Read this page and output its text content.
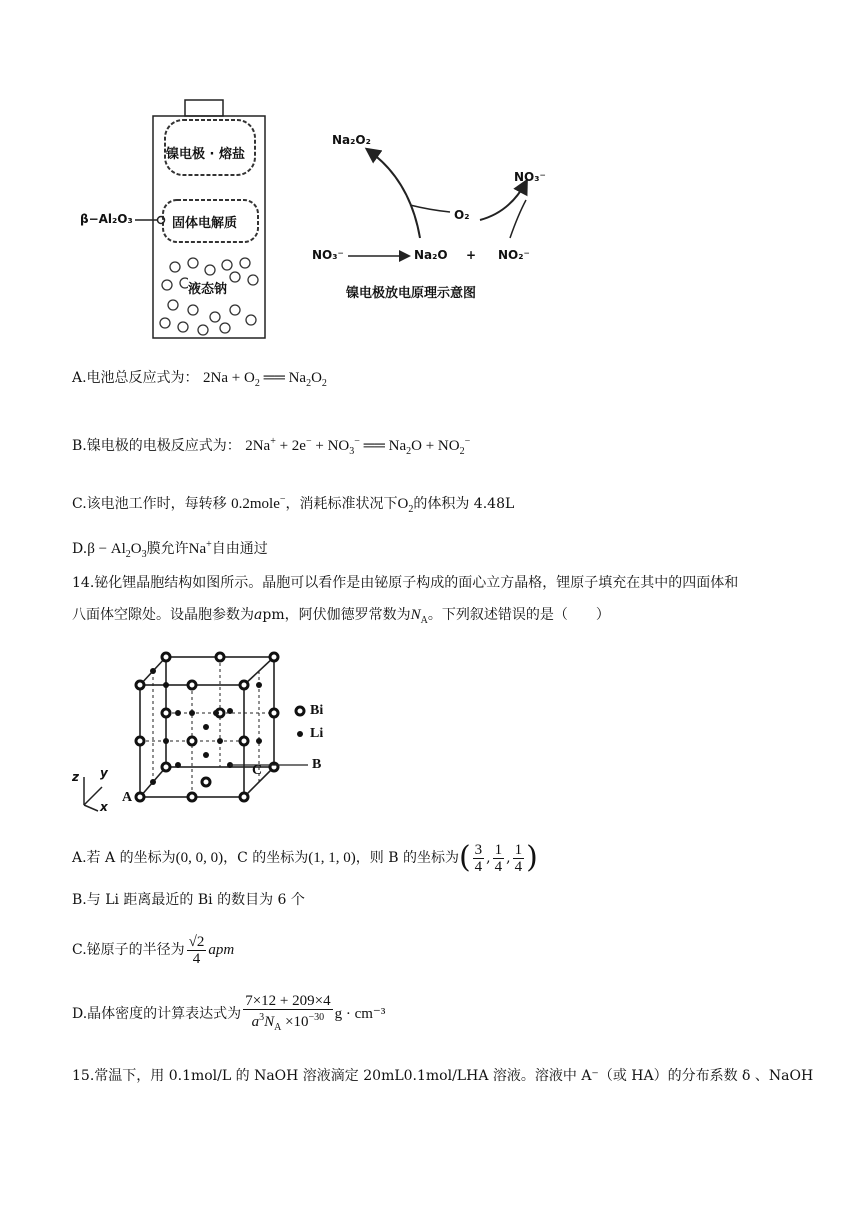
镍电极 · 熔盐
固体电解质
β−Al₂O₃
液态钠
Na₂O₂
NO₃⁻
O₂
NO₃⁻	Na₂O + NO₂⁻
镍电极放电原理示意图
A.电池总反应式为： $2Na + O_2$ ══ $Na_2O_2$
B.镍电极的电极反应式为： $2Na^+ + 2e^- + NO_3^-$ ══ $Na_2O + NO_2^-$
C.该电池工作时，每转移 0.2mole−，消耗标准状况下$O_2$的体积为 4.48L
$D.\beta - Al_2O_3$膜允许Na+自由通过
14.铋化锂晶胞结构如图所示。晶胞可以看作是由铋原子构成的面心立方晶格，锂原子填充在其中的四面体和
八面体空隙处。设晶胞参数为apm，阿伏伽德罗常数为$N_A$。下列叙述错误的是（　　）
Bi
Li
A
B
C
z y
x
A.若 A 的坐标为(0, 0, 0)，C 的坐标为(1, 1, 0)，则 B 的坐标为( $\frac{3}{4}$ , $\frac{1}{4}$ , $\frac{1}{4}$ )
B.与 Li 距离最近的 Bi 的数目为 6 个
C.铋原子的半径为 $\frac{√2}{4}$ apm
D.晶体密度的计算表达式为 $\frac{7\times 12 + 209\times 4}{a^3N_A \times 10^{-30}}$ g · cm⁻³
15.常温下，用 0.1mol/L 的 NaOH 溶液滴定 20mL0.1mol/LHA 溶液。溶液中 A⁻（或 HA）的分布系数 δ 、NaOH
